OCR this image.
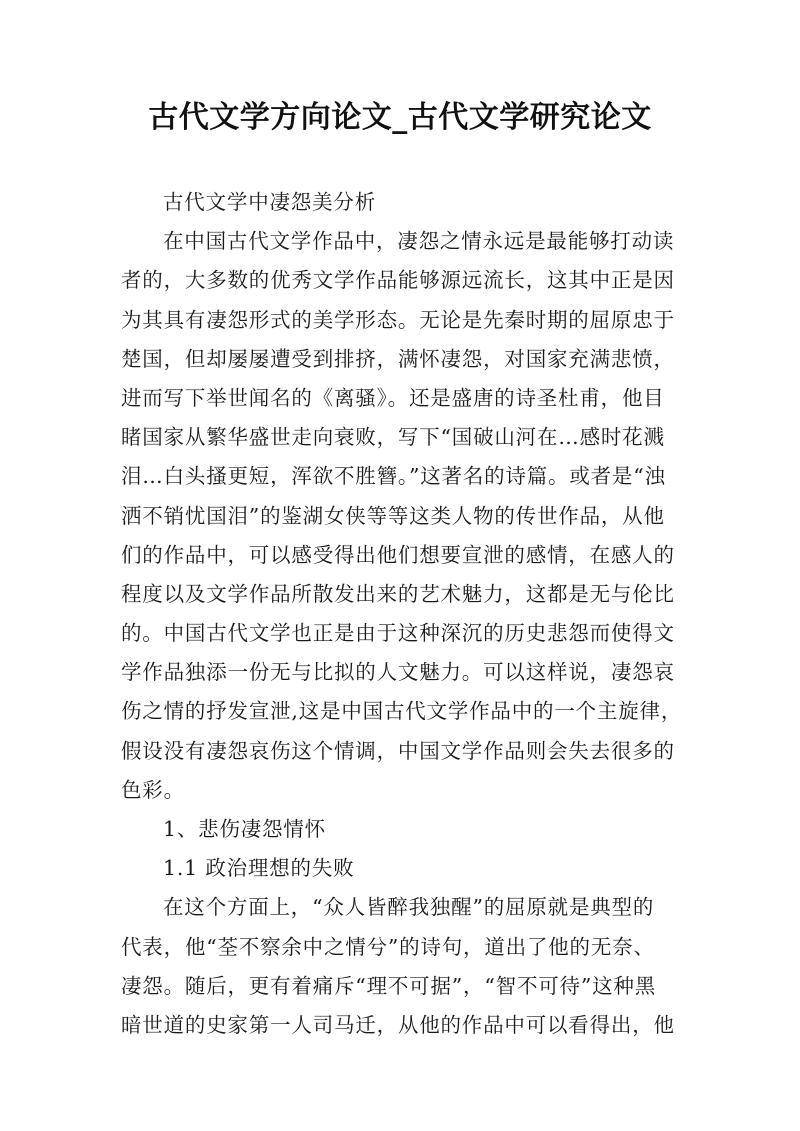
古代文学方向论文_古代文学研究论文
古代文学中凄怨美分析
在中国古代文学作品中，凄怨之情永远是最能够打动读
者的，大多数的优秀文学作品能够源远流长，这其中正是因
为其具有凄怨形式的美学形态。无论是先秦时期的屈原忠于
楚国，但却屡屡遭受到排挤，满怀凄怨，对国家充满悲愤，
进而写下举世闻名的《离骚》。还是盛唐的诗圣杜甫，他目
睹国家从繁华盛世走向衰败，写下“国破山河在…感时花溅
泪…白头搔更短，浑欲不胜簪。”这著名的诗篇。或者是“浊
洒不销忧国泪”的鉴湖女侠等等这类人物的传世作品，从他
们的作品中，可以感受得出他们想要宣泄的感情，在感人的
程度以及文学作品所散发出来的艺术魅力，这都是无与伦比
的。中国古代文学也正是由于这种深沉的历史悲怨而使得文
学作品独添一份无与比拟的人文魅力。可以这样说，凄怨哀
伤之情的抒发宣泄,这是中国古代文学作品中的一个主旋律，
假设没有凄怨哀伤这个情调，中国文学作品则会失去很多的
色彩。
1、悲伤凄怨情怀
1.1 政治理想的失败
在这个方面上，“众人皆醉我独醒”的屈原就是典型的
代表，他“荃不察余中之情兮”的诗句，道出了他的无奈、
凄怨。随后，更有着痛斥“理不可据”，“智不可待”这种黑
暗世道的史家第一人司马迁，从他的作品中可以看得出，他
